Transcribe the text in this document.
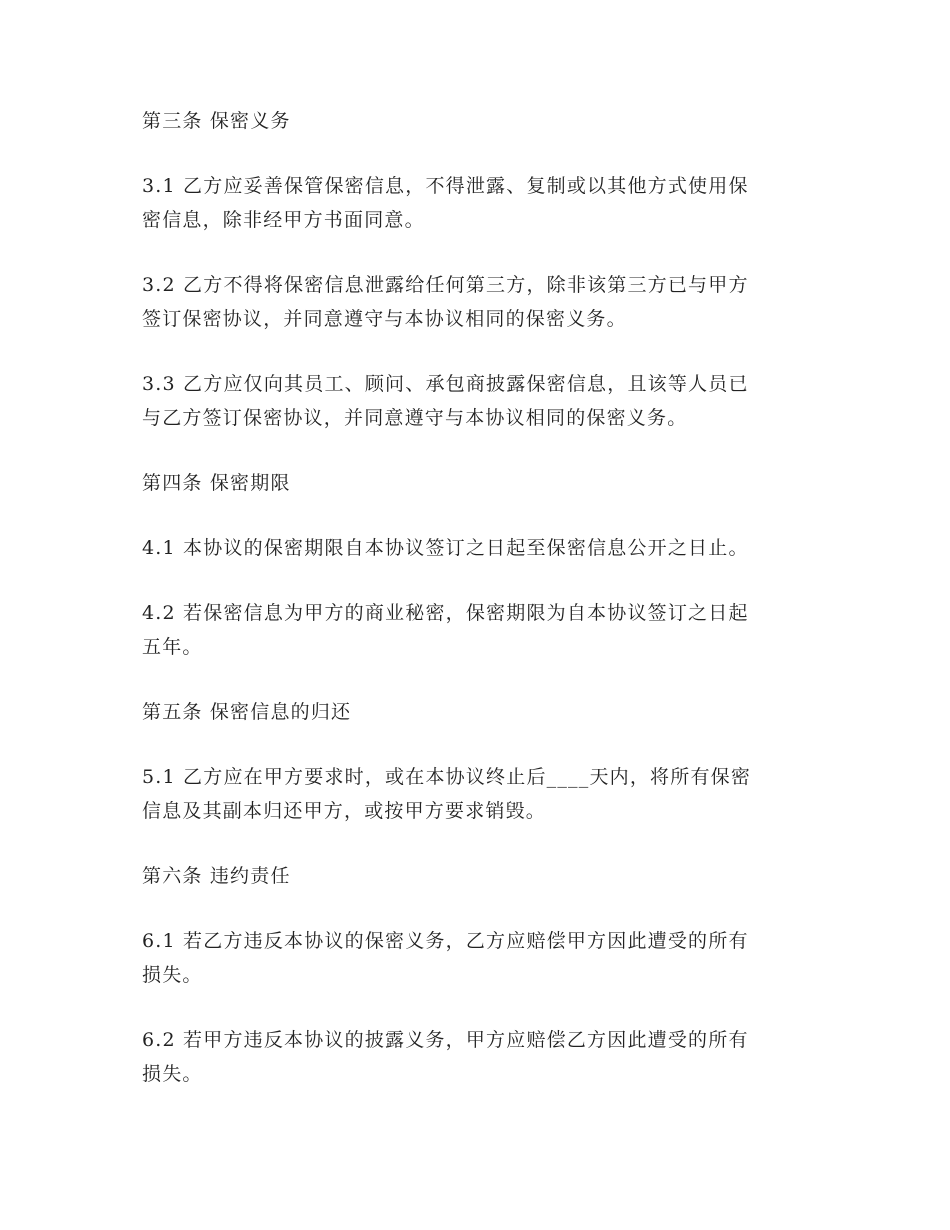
第三条 保密义务
3.1 乙方应妥善保管保密信息，不得泄露、复制或以其他方式使用保
密信息，除非经甲方书面同意。
3.2 乙方不得将保密信息泄露给任何第三方，除非该第三方已与甲方
签订保密协议，并同意遵守与本协议相同的保密义务。
3.3 乙方应仅向其员工、顾问、承包商披露保密信息，且该等人员已
与乙方签订保密协议，并同意遵守与本协议相同的保密义务。
第四条 保密期限
4.1 本协议的保密期限自本协议签订之日起至保密信息公开之日止。
4.2 若保密信息为甲方的商业秘密，保密期限为自本协议签订之日起
五年。
第五条 保密信息的归还
5.1 乙方应在甲方要求时，或在本协议终止后____天内，将所有保密
信息及其副本归还甲方，或按甲方要求销毁。
第六条 违约责任
6.1 若乙方违反本协议的保密义务，乙方应赔偿甲方因此遭受的所有
损失。
6.2 若甲方违反本协议的披露义务，甲方应赔偿乙方因此遭受的所有
损失。
